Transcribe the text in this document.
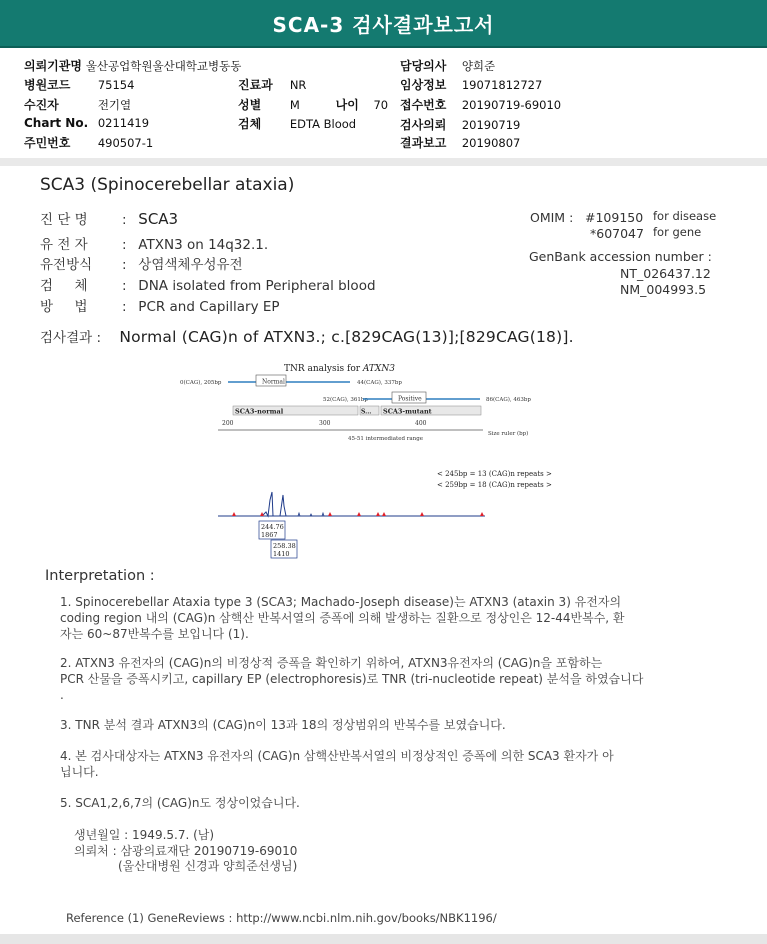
SCA-3 검사결과보고서
의뢰기관명 울산공업학원울산대학교병동동
병원코드 75154
수진자	전기열
Chart No. 0211419
주민번호 490507-1
진료과 NR
성별 M	나이 70
검체 EDTA Blood
담당의사 양희준
임상정보 19071812727
접수번호 20190719-69010
검사의뢰 20190719
결과보고 20190807
SCA3 (Spinocerebellar ataxia)
진 단 명	: SCA3
유 전 자	: ATXN3 on 14q32.1.
유전방식 : 상염색체우성유전
검     체	: DNA isolated from Peripheral blood
방     법	: PCR and Capillary EP
OMIM : #109150 for disease
*607047 for gene
GenBank accession number :
NT_026437.12
NM_004993.5
검사결과 : Normal (CAG)n of ATXN3.; c.[829CAG(13)];[829CAG(18)].
TNR analysis for ATXN3
0(CAG), 205bp	Normal	44(CAG), 337bp
52(CAG), 361bp	Positive	86(CAG), 463bp
SCA3-normal	S... SCA3-mutant
200	300	400
Size ruler (bp)
45-51 intermediated range
< 245bp = 13 (CAG)n repeats >
< 259bp = 18 (CAG)n repeats >
244.76
1867
258.38
1410
Interpretation :
1. Spinocerebellar Ataxia type 3 (SCA3; Machado-Joseph disease)는 ATXN3 (ataxin 3) 유전자의
coding region 내의 (CAG)n 삼핵산 반복서열의 증폭에 의해 발생하는 질환으로 정상인은 12-44반복수, 환
자는 60~87반복수를 보입니다 (1).
2. ATXN3 유전자의 (CAG)n의 비정상적 증폭을 확인하기 위하여, ATXN3유전자의 (CAG)n을 포함하는
PCR 산물을 증폭시키고, capillary EP (electrophoresis)로 TNR (tri-nucleotide repeat) 분석을 하였습니다
.
3. TNR 분석 결과 ATXN3의 (CAG)n이 13과 18의 정상범위의 반복수를 보였습니다.
4. 본 검사대상자는 ATXN3 유전자의 (CAG)n 삼핵산반복서열의 비정상적인 증폭에 의한 SCA3 환자가 아
닙니다.
5. SCA1,2,6,7의 (CAG)n도 정상이었습니다.
생년월일 : 1949.5.7. (남)
의뢰처 : 삼광의료재단 20190719-69010
(울산대병원 신경과 양희준선생님)
Reference (1) GeneReviews : http://www.ncbi.nlm.nih.gov/books/NBK1196/
